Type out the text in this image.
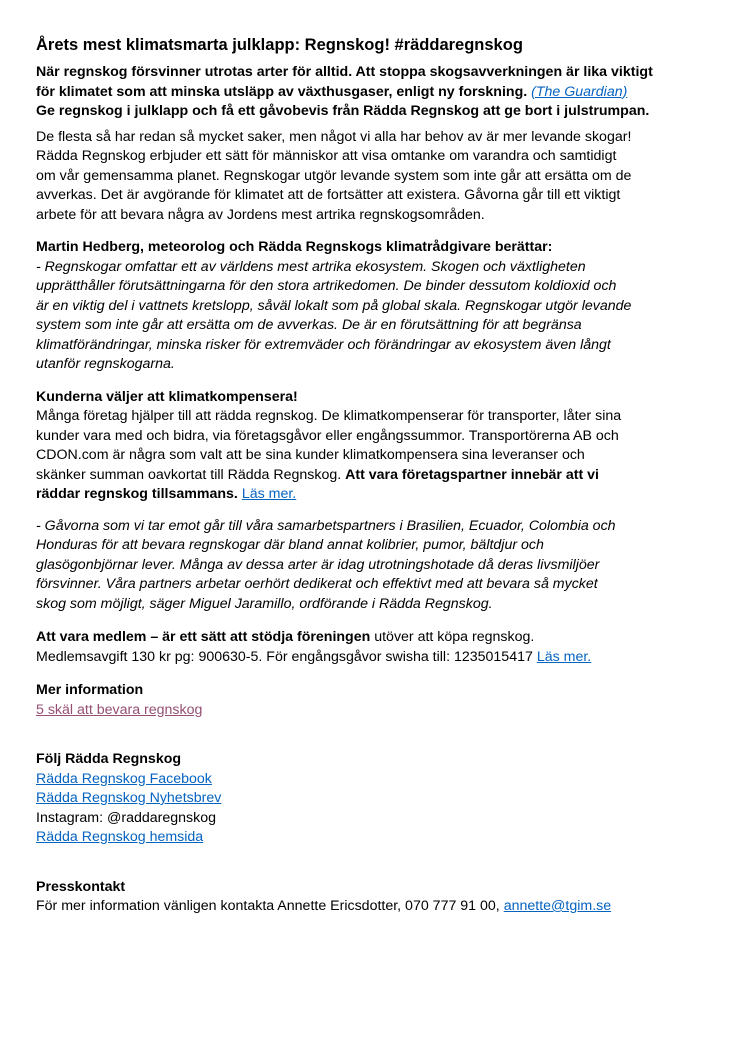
Årets mest klimatsmarta julklapp: Regnskog! #räddaregnskog
När regnskog försvinner utrotas arter för alltid. Att stoppa skogsavverkningen är lika viktigt
för klimatet som att minska utsläpp av växthusgaser, enligt ny forskning. (The Guardian)
Ge regnskog i julklapp och få ett gåvobevis från Rädda Regnskog att ge bort i julstrumpan.
De flesta så har redan så mycket saker, men något vi alla har behov av är mer levande skogar!
Rädda Regnskog erbjuder ett sätt för människor att visa omtanke om varandra och samtidigt
om vår gemensamma planet. Regnskogar utgör levande system som inte går att ersätta om de
avverkas. Det är avgörande för klimatet att de fortsätter att existera. Gåvorna går till ett viktigt
arbete för att bevara några av Jordens mest artrika regnskogsområden.
Martin Hedberg, meteorolog och Rädda Regnskogs klimatrådgivare berättar:
- Regnskogar omfattar ett av världens mest artrika ekosystem. Skogen och växtligheten
upprätthåller förutsättningarna för den stora artrikedomen. De binder dessutom koldioxid och
är en viktig del i vattnets kretslopp, såväl lokalt som på global skala. Regnskogar utgör levande
system som inte går att ersätta om de avverkas. De är en förutsättning för att begränsa
klimatförändringar, minska risker för extremväder och förändringar av ekosystem även långt
utanför regnskogarna.
Kunderna väljer att klimatkompensera!
Många företag hjälper till att rädda regnskog. De klimatkompenserar för transporter, låter sina
kunder vara med och bidra, via företagsgåvor eller engångssummor. Transportörerna AB och
CDON.com är några som valt att be sina kunder klimatkompensera sina leveranser och
skänker summan oavkortat till Rädda Regnskog. Att vara företagspartner innebär att vi
räddar regnskog tillsammans. Läs mer.
- Gåvorna som vi tar emot går till våra samarbetspartners i Brasilien, Ecuador, Colombia och
Honduras för att bevara regnskogar där bland annat kolibrier, pumor, bältdjur och
glasögonbjörnar lever. Många av dessa arter är idag utrotningshotade då deras livsmiljöer
försvinner. Våra partners arbetar oerhört dedikerat och effektivt med att bevara så mycket
skog som möjligt, säger Miguel Jaramillo, ordförande i Rädda Regnskog.
Att vara medlem – är ett sätt att stödja föreningen utöver att köpa regnskog.
Medlemsavgift 130 kr pg: 900630-5. För engångsgåvor swisha till: 1235015417 Läs mer.
Mer information
5 skäl att bevara regnskog
Följ Rädda Regnskog
Rädda Regnskog Facebook
Rädda Regnskog Nyhetsbrev
Instagram: @raddaregnskog
Rädda Regnskog hemsida
Presskontakt
För mer information vänligen kontakta Annette Ericsdotter, 070 777 91 00, annette@tgim.se
